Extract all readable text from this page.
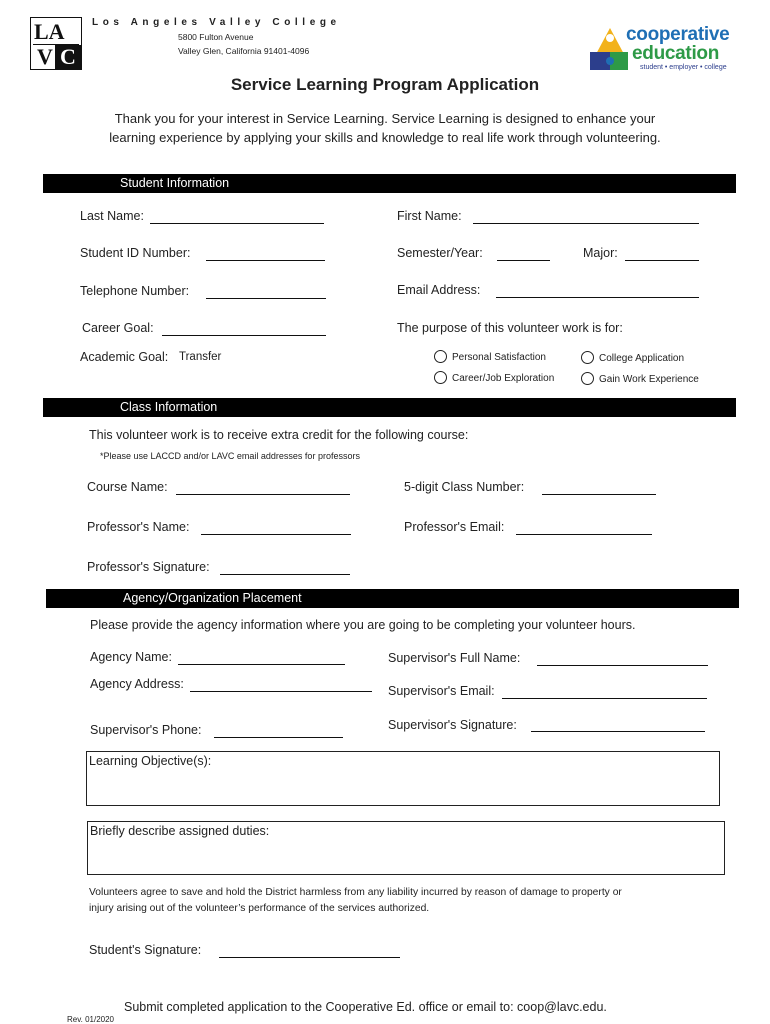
LA
V C
Los Angeles Valley College
5800 Fulton Avenue
Valley Glen, California 91401-4096
cooperative
education
student • employer • college
Service Learning Program Application
Thank you for your interest in Service Learning. Service Learning is designed to enhance your
learning experience by applying your skills and knowledge to real life work through volunteering.
Student Information
Last Name:	First Name:
Student ID Number:	Semester/Year:	Major:
Telephone Number:	Email Address:
Career Goal:	The purpose of this volunteer work is for:
Academic Goal: Transfer	Personal Satisfaction	College Application
Career/Job Exploration	Gain Work Experience
Class Information
This volunteer work is to receive extra credit for the following course:
*Please use LACCD and/or LAVC email addresses for professors
Course Name:	5-digit Class Number:
Professor's Name:	Professor's Email:
Professor's Signature:
Agency/Organization Placement
Please provide the agency information where you are going to be completing your volunteer hours.
Agency Name:	Supervisor's Full Name:
Agency Address:	Supervisor's Email:
Supervisor's Phone:	Supervisor's Signature:
Learning Objective(s):
Briefly describe assigned duties:
Volunteers agree to save and hold the District harmless from any liability incurred by reason of damage to property or
injury arising out of the volunteer’s performance of the services authorized.
Student's Signature:
Submit completed application to the Cooperative Ed. office or email to: coop@lavc.edu.
Rev. 01/2020
